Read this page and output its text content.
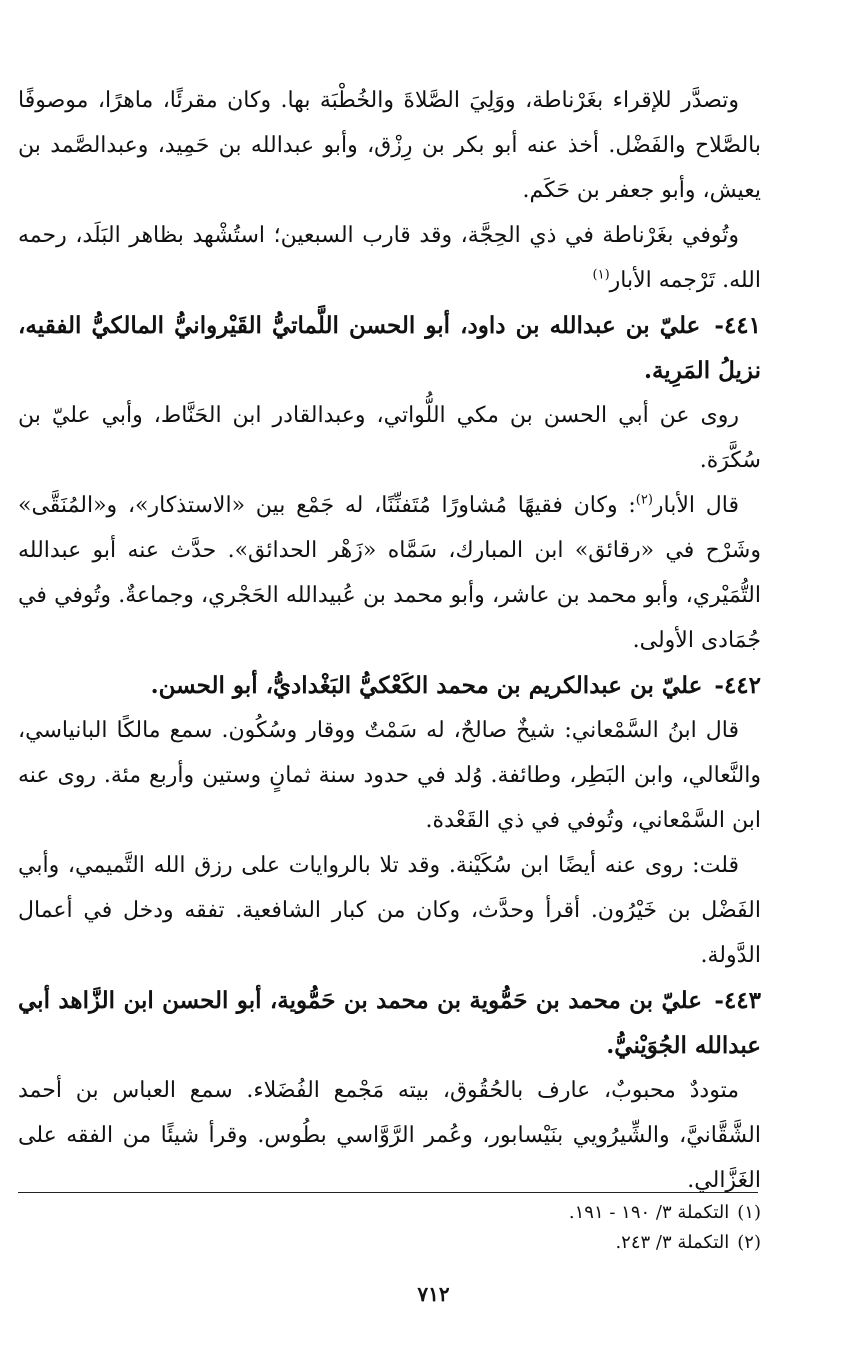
وتصدَّر للإقراء بغَرْناطة، ووَلِيَ الصَّلاةَ والخُطْبَة بها. وكان مقرئًا، ماهرًا، موصوفًا بالصَّلاح والفَضْل. أخذ عنه أبو بكر بن رِزْق، وأبو عبدالله بن حَمِيد، وعبدالصَّمد بن يعيش، وأبو جعفر بن حَكَم.

وتُوفي بغَرْناطة في ذي الحِجَّة، وقد قارب السبعين؛ استُشْهد بظاهر البَلَد، رحمه الله. تَرْجمه الأبار$^{(١)}$

٤٤١- عليّ بن عبدالله بن داود، أبو الحسن اللَّماتيُّ القَيْروانيُّ المالكيُّ الفقيه، نزيلُ المَرِية.

روى عن أبي الحسن بن مكي اللُّواتي، وعبدالقادر ابن الحَنَّاط، وأبي عليّ بن سُكَّرَة.

قال الأبار$^{(٢)}$: وكان فقيهًا مُشاورًا مُتَفنِّنًا، له جَمْع بين «الاستذكار»، و«المُنَقَّى» وشَرْح في «رقائق» ابن المبارك، سَمَّاه «زَهْر الحدائق». حدَّث عنه أبو عبدالله التُّمَيْري، وأبو محمد بن عاشر، وأبو محمد بن عُبيدالله الحَجْري، وجماعةٌ. وتُوفي في جُمَادى الأولى.

٤٤٢- عليّ بن عبدالكريم بن محمد الكَعْكيُّ البَغْداديُّ، أبو الحسن.

قال ابنُ السَّمْعاني: شيخٌ صالحٌ، له سَمْتٌ ووقار وسُكُون. سمع مالكًا البانياسي، والنَّعالي، وابن البَطِر، وطائفة. وُلد في حدود سنة ثمانٍ وستين وأربع مئة. روى عنه ابن السَّمْعاني، وتُوفي في ذي القَعْدة.

قلت: روى عنه أيضًا ابن سُكَيْنة. وقد تلا بالروايات على رزق الله التَّميمي، وأبي الفَضْل بن خَيْرُون. أقرأ وحدَّث، وكان من كبار الشافعية. تفقه ودخل في أعمال الدَّولة.

٤٤٣- عليّ بن محمد بن حَمُّوية بن محمد بن حَمُّوية، أبو الحسن ابن الزَّاهد أبي عبدالله الجُوَيْنيُّ.

متوددٌ محبوبٌ، عارف بالحُقُوق، بيته مَجْمع الفُضَلاء. سمع العباس بن أحمد الشَّقَّانيَّ، والشِّيرُويي بنَيْسابور، وعُمر الرَّوَّاسي بطُوس. وقرأ شيئًا من الفقه على الغَزَّالي.

(١)التكملة ٣/ ١٩٠ - ١٩١.

(٢)التكملة ٣/ ٢٤٣.

٧١٢
